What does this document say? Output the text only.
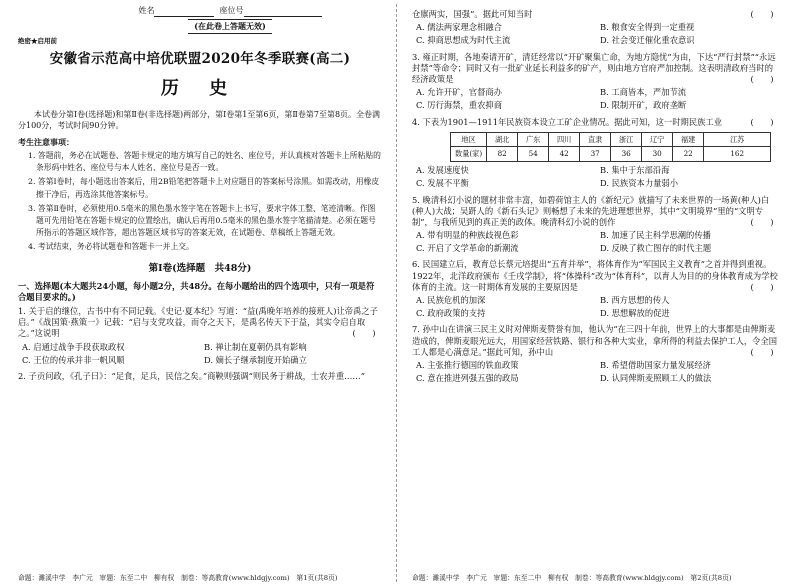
姓名	座位号
(在此卷上答题无效)
绝密★启用前
安徽省示范高中培优联盟2020年冬季联赛(高二)
历 史
本试卷分第Ⅰ卷(选择题)和第Ⅱ卷(非选择题)两部分，第Ⅰ卷第1至第6页，第Ⅱ卷第7至第8页。全卷满分100分，考试时间90分钟。
考生注意事项：
1. 答题前，务必在试题卷、答题卡规定的地方填写自己的姓名、座位号，并认真核对答题卡上所粘贴的条形码中姓名、座位号与本人姓名、座位号是否一致。
2. 答第Ⅰ卷时，每小题选出答案后，用2B铅笔把答题卡上对应题目的答案标号涂黑。如需改动，用橡皮擦干净后，再选涂其他答案标号。
3. 答第Ⅱ卷时，必须使用0.5毫米的黑色墨水签字笔在答题卡上书写，要求字体工整、笔迹清晰。作图题可先用铅笔在答题卡规定的位置绘出，确认后再用0.5毫米的黑色墨水签字笔描清楚。必须在题号所指示的答题区域作答，超出答题区域书写的答案无效，在试题卷、草稿纸上答题无效。
4. 考试结束，务必将试题卷和答题卡一并上交。
第Ⅰ卷(选择题　共48分)
一、选择题(本大题共24小题，每小题2分，共48分。在每小题给出的四个选项中，只有一项是符合题目要求的。)
1. 关于启的继位，古书中有不同记载。《史记·夏本纪》写道：“益(禹晚年培养的接班人)让帝禹之子启。”《战国策·燕策一》记载：“启与支党攻益，而夺之天下，是禹名传天下于益，其实令启自取之。”这说明	(　　)
A. 启通过战争手段获取政权	B. 禅让制在夏朝仍具有影响
C. 王位的传承并非一帆风顺	D. 嫡长子继承制度开始确立
2. 子贡问政，《孔子曰》：“足食，足兵，民信之矣。”商鞅则强调“则民务于耕战，士农并重……”
命题：濉溪中学　李广元　审题：东至二中　柳有权　制卷：等高教育(www.hldgjy.com)　第1页(共8页)
仓廪两实，国强”。据此可知当时	(　　)
A. 儒法两家理念相融合	B. 粮食安全得到一定重视
C. 抑商思想成为时代主流	D. 社会变迁催化重农意识
3. 雍正时期，各地奏请开矿，清廷经常以“开矿聚集亡命，为地方隐忧”为由，下达“严行封禁”“永远封禁”等命令；同时又有一批矿业延长利益多的矿产，则由地方官府严加控制。这表明清政府当时的经济政策是	(　　)
A. 允许开矿，官督商办	B. 工商皆本，严加节流
C. 厉行海禁，重农抑商	D. 限制开矿，政府垄断
4. 下表为1901—1911年民族资本设立工矿企业情况。据此可知，这一时期民族工业	(　　)
地区	湖北	广东	四川	直隶	浙江	辽宁	福建	江苏
数量(家)	82	54	42	37	36	30	22	162
A. 发展速度快	B. 集中于东部沿海
C. 发展不平衡	D. 民族资本力量弱小
5. 晚清科幻小说的题材非常丰富，如碧荷馆主人的《新纪元》就描写了未来世界的一场黄(种人)白(种人)大战；吴趼人的《新石头记》则畅想了未来的先进理想世界，其中“文明境界”里的“文明专制”，与我所见到的真正美的政体。晚清科幻小说的创作	(　　)
A. 带有明显的种族歧视色彩	B. 加速了民主科学思潮的传播
C. 开启了文学革命的新潮流	D. 反映了救亡图存的时代主题
6. 民国建立后，教育总长蔡元培提出“五育并举”，将体育作为“军国民主义教育”之首并得到重视。1922年，北洋政府颁布《壬戌学制》，将“体操科”改为“体育科”，以育人为目的的身体教育成为学校体育的主流。这一时期体育发展的主要原因是	(　　)
A. 民族危机的加深	B. 西方思想的传人
C. 政府政策的支持	D. 思想解放的促进
7. 孙中山在讲演三民主义时对俾斯麦赞誉有加，他认为“在三四十年前，世界上的大事都是由俾斯麦造成的，俾斯麦眼光远大，用国家经营铁路、银行和各种大实业，拿所得的利益去保护工人，令全国工人都是心满意足。”据此可知，孙中山	(　　)
A. 主张推行德国的铁血政策	B. 希望借助国家力量发展经济
C. 意在推进列强五强的政局	D. 认同俾斯麦照顾工人的做法
命题：濉溪中学　李广元　审题：东至二中　柳有权　制卷：等高教育(www.hldgjy.com)　第2页(共8页)
